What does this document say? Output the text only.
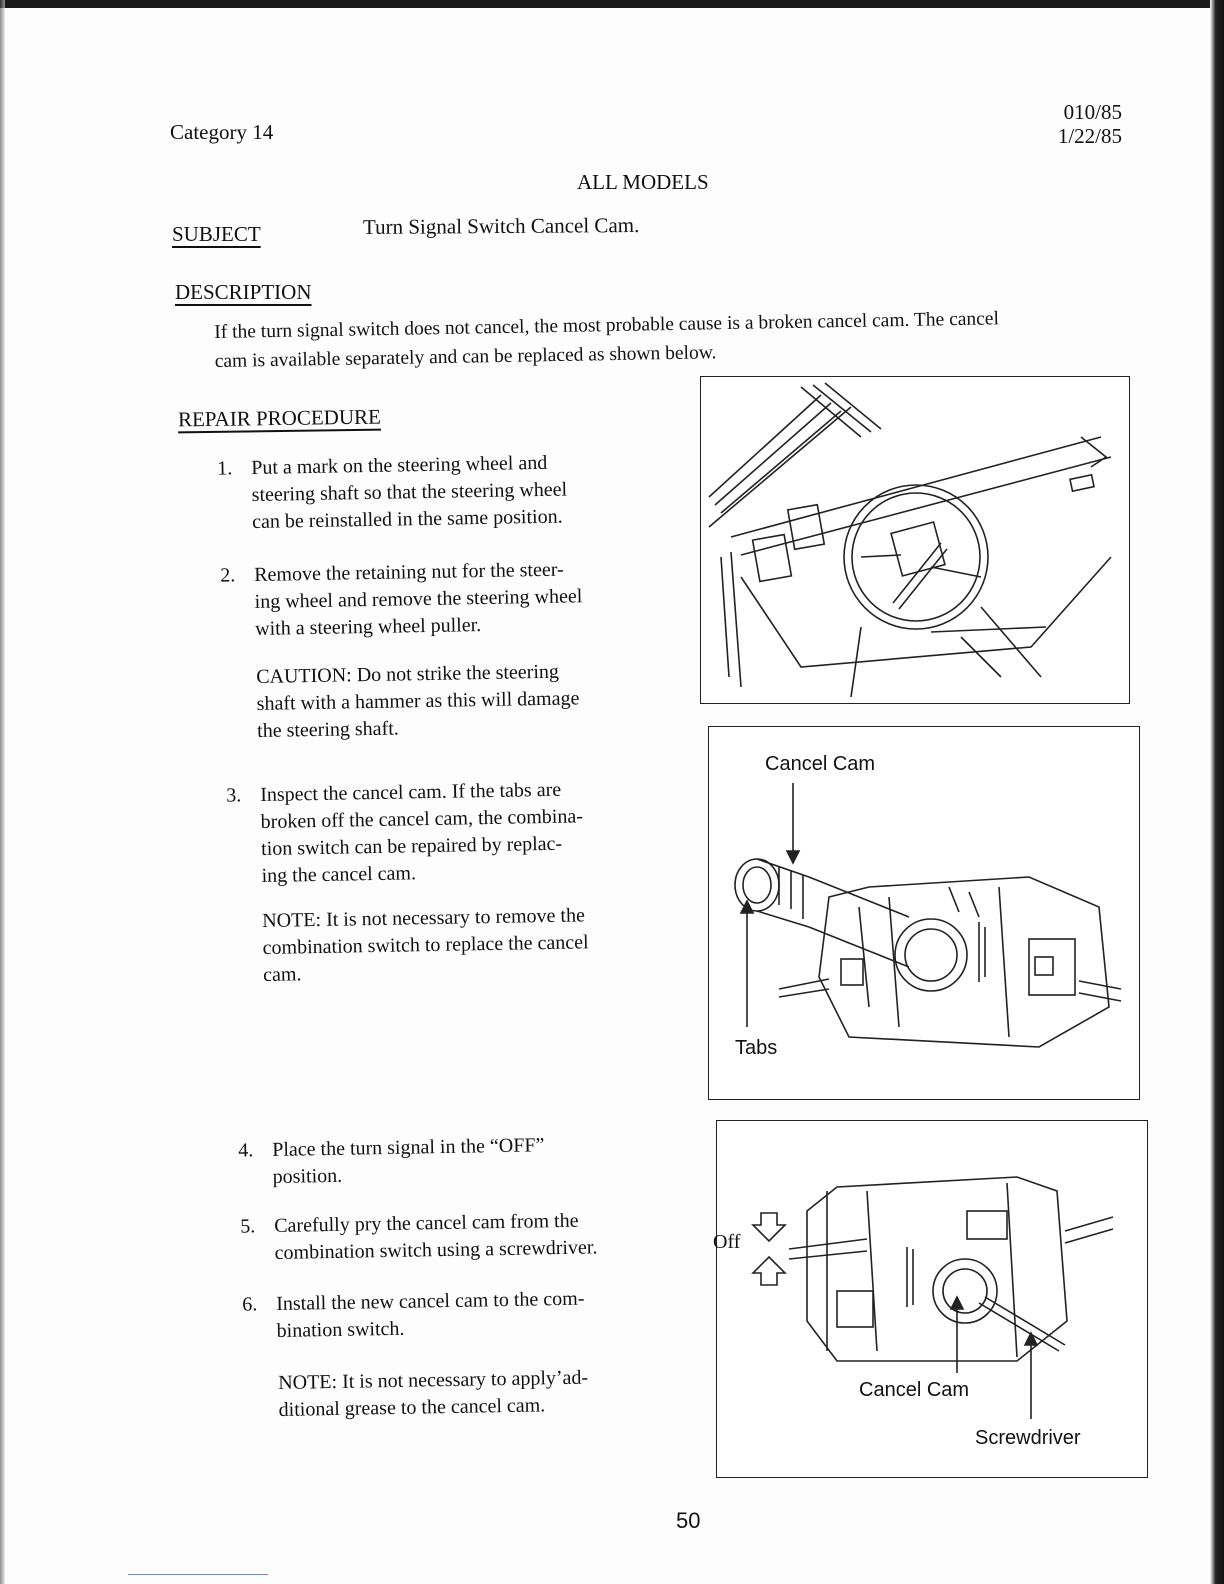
Category 14
010/85
1/22/85
ALL MODELS
SUBJECT	Turn Signal Switch Cancel Cam.
DESCRIPTION
If the turn signal switch does not cancel, the most probable cause is a broken cancel cam. The cancel
cam is available separately and can be replaced as shown below.
REPAIR PROCEDURE
1. Put a mark on the steering wheel and
steering shaft so that the steering wheel
can be reinstalled in the same position.
2. Remove the retaining nut for the steer-
ing wheel and remove the steering wheel
with a steering wheel puller.
CAUTION: Do not strike the steering
shaft with a hammer as this will damage
the steering shaft.
3. Inspect the cancel cam. If the tabs are
broken off the cancel cam, the combina-
tion switch can be repaired by replac-
ing the cancel cam.
NOTE: It is not necessary to remove the
combination switch to replace the cancel
cam.
4. Place the turn signal in the “OFF”
position.
5. Carefully pry the cancel cam from the
combination switch using a screwdriver.
6. Install the new cancel cam to the com-
bination switch.
NOTE: It is not necessary to apply’ad-
ditional grease to the cancel cam.
Cancel Cam
Tabs
Off
Cancel Cam
Screwdriver
50
